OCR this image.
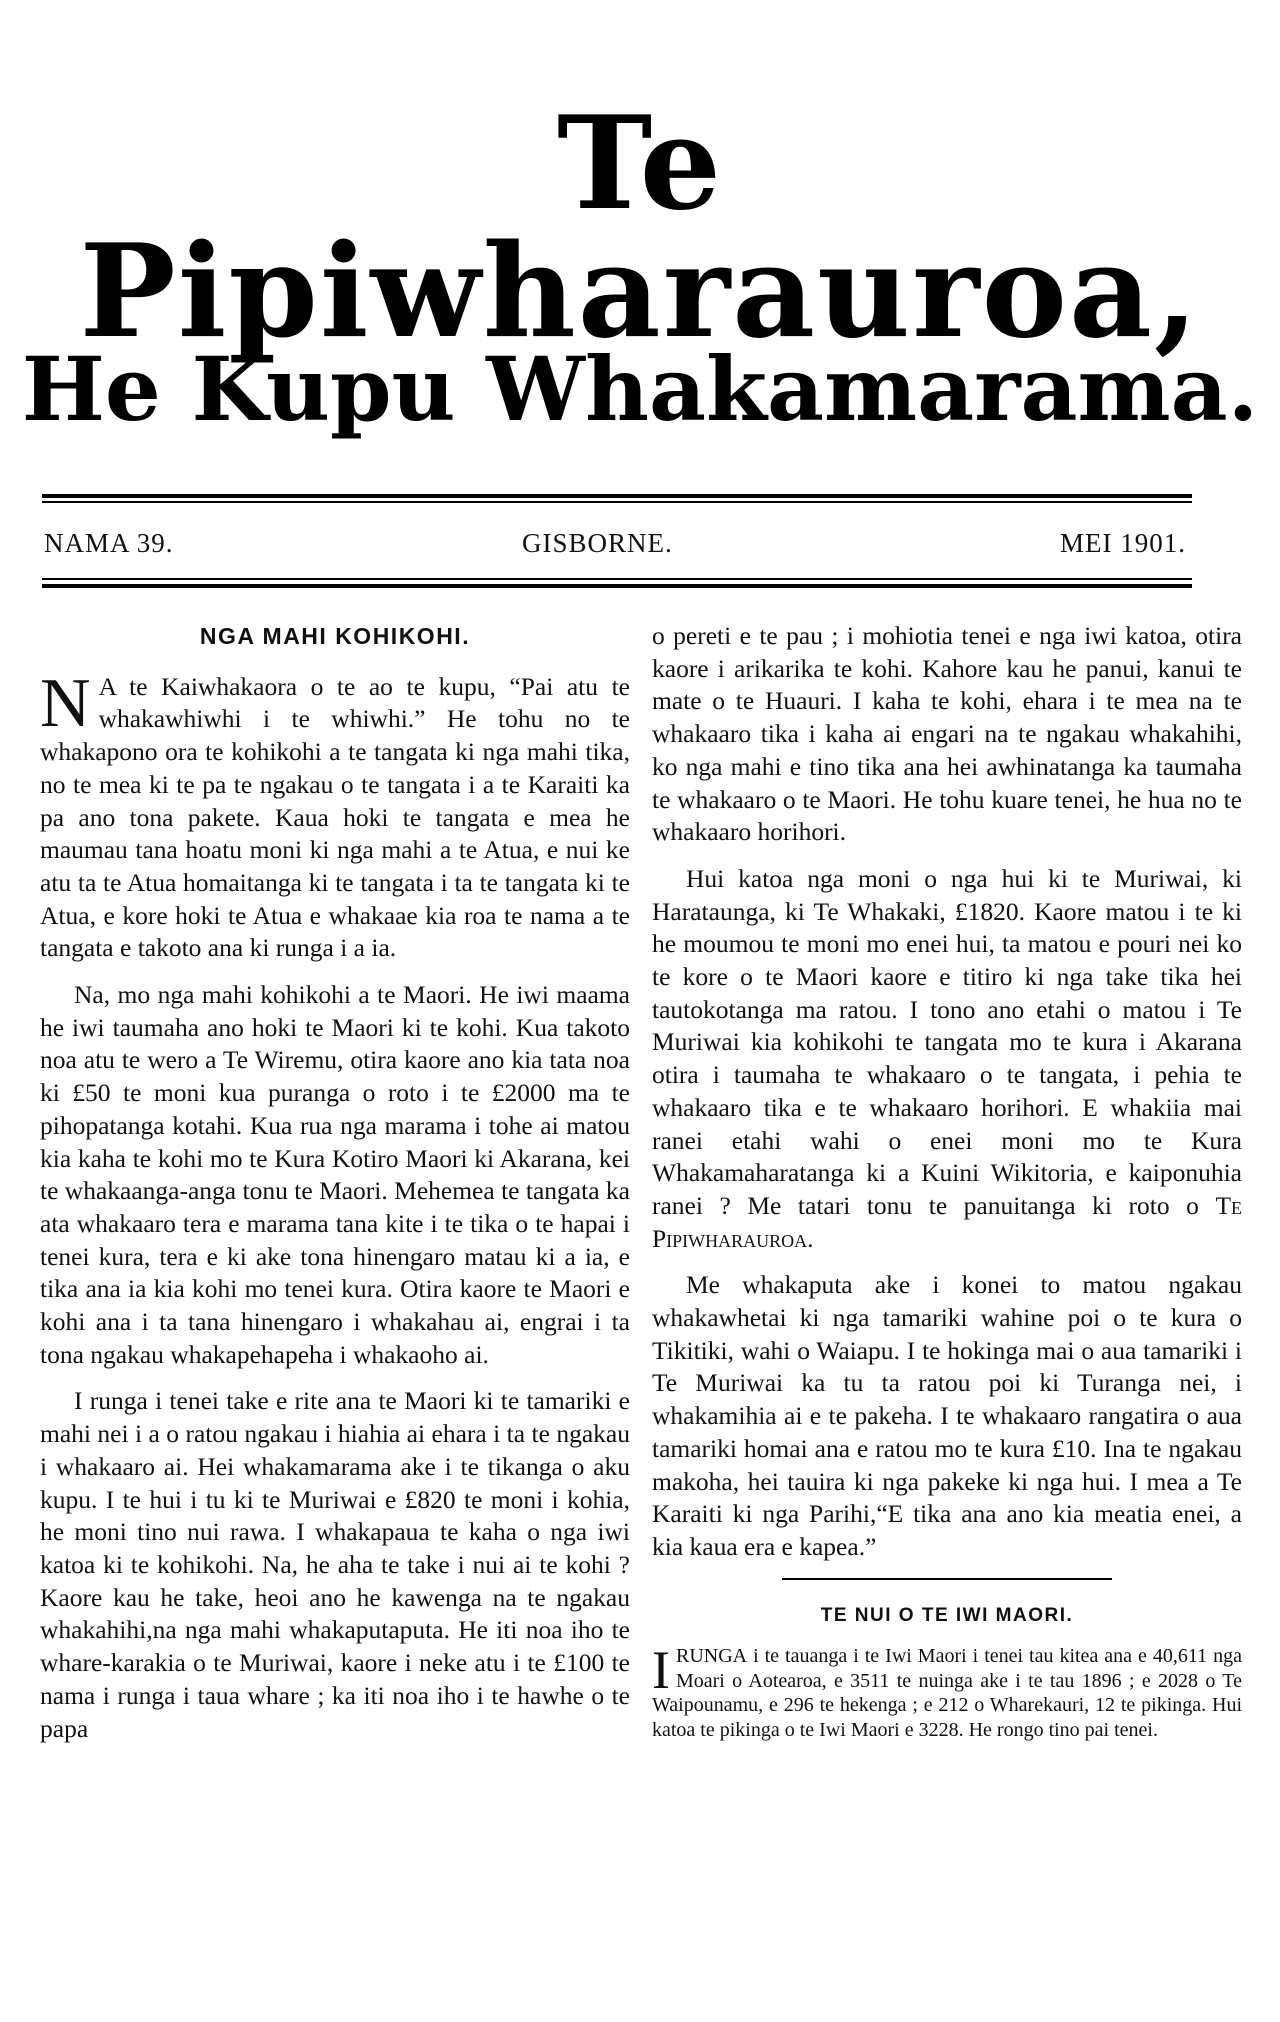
Te Pipiwharauroa,
He Kupu Whakamarama.
NAMA 39.	GISBORNE.	MEI 1901.
NGA MAHI KOHIKOHI.

N A te Kaiwhakaora o te ao te kupu, “Pai atu te whakawhiwhi i te whiwhi.” He tohu no te whakapono ora te kohikohi a te tangata ki nga mahi tika, no te mea ki te pa te ngakau o te tangata i a te Karaiti ka pa ano tona pakete. Kaua hoki te tangata e mea he maumau tana hoatu moni ki nga mahi a te Atua, e nui ke atu ta te Atua homaitanga ki te tangata i ta te tangata ki te Atua, e kore hoki te Atua e whakaae kia roa te nama a te tangata e takoto ana ki runga i a ia.

Na, mo nga mahi kohikohi a te Maori. He iwi maama he iwi taumaha ano hoki te Maori ki te kohi. Kua takoto noa atu te wero a Te Wiremu, otira kaore ano kia tata noa ki £50 te moni kua puranga o roto i te £2000 ma te pihopatanga kotahi. Kua rua nga marama i tohe ai matou kia kaha te kohi mo te Kura Kotiro Maori ki Akarana, kei te whakaanga-anga tonu te Maori. Mehemea te tangata ka ata whakaaro tera e marama tana kite i te tika o te hapai i tenei kura, tera e ki ake tona hinengaro matau ki a ia, e tika ana ia kia kohi mo tenei kura. Otira kaore te Maori e kohi ana i ta tana hinengaro i whakahau ai, engrai i ta tona ngakau whakapehapeha i whakaoho ai.

I runga i tenei take e rite ana te Maori ki te tamariki e mahi nei i a o ratou ngakau i hiahia ai ehara i ta te ngakau i whakaaro ai. Hei whakamarama ake i te tikanga o aku kupu. I te hui i tu ki te Muriwai e £820 te moni i kohia, he moni tino nui rawa. I whakapaua te kaha o nga iwi katoa ki te kohikohi. Na, he aha te take i nui ai te kohi ? Kaore kau he take, heoi ano he kawenga na te ngakau whakahihi,na nga mahi whakaputaputa. He iti noa iho te whare-karakia o te Muriwai, kaore i neke atu i te £100 te nama i runga i taua whare ; ka iti noa iho i te hawhe o te papa

o pereti e te pau ; i mohiotia tenei e nga iwi katoa, otira kaore i arikarika te kohi. Kahore kau he panui, kanui te mate o te Huauri. I kaha te kohi, ehara i te mea na te whakaaro tika i kaha ai engari na te ngakau whakahihi, ko nga mahi e tino tika ana hei awhinatanga ka taumaha te whakaaro o te Maori. He tohu kuare tenei, he hua no te whakaaro horihori.

Hui katoa nga moni o nga hui ki te Muriwai, ki Harataunga, ki Te Whakaki, £1820. Kaore matou i te ki he moumou te moni mo enei hui, ta matou e pouri nei ko te kore o te Maori kaore e titiro ki nga take tika hei tautokotanga ma ratou. I tono ano etahi o matou i Te Muriwai kia kohikohi te tangata mo te kura i Akarana otira i taumaha te whakaaro o te tangata, i pehia te whakaaro tika e te whakaaro horihori. E whakiia mai ranei etahi wahi o enei moni mo te Kura Whakamaharatanga ki a Kuini Wikitoria, e kaiponuhia ranei ? Me tatari tonu te panuitanga ki roto o Te Pipiwharauroa.

Me whakaputa ake i konei to matou ngakau whakawhetai ki nga tamariki wahine poi o te kura o Tikitiki, wahi o Waiapu. I te hokinga mai o aua tamariki i Te Muriwai ka tu ta ratou poi ki Turanga nei, i whakamihia ai e te pakeha. I te whakaaro rangatira o aua tamariki homai ana e ratou mo te kura £10. Ina te ngakau makoha, hei tauira ki nga pakeke ki nga hui. I mea a Te Karaiti ki nga Parihi,“E tika ana ano kia meatia enei, a kia kaua era e kapea.”

TE NUI O TE IWI MAORI.

IRUNGA i te tauanga i te Iwi Maori i tenei tau kitea ana e 40,611 nga Moari o Aotearoa, e 3511 te nuinga ake i te tau 1896 ; e 2028 o Te Waipounamu, e 296 te hekenga ; e 212 o Wharekauri, 12 te pikinga. Hui katoa te pikinga o te Iwi Maori e 3228. He rongo tino pai tenei.
